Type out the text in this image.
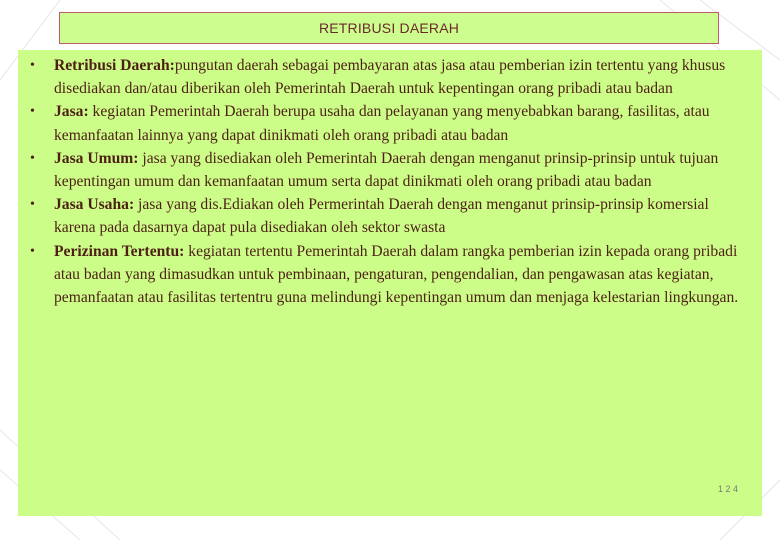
RETRIBUSI DAERAH
• Retribusi Daerah:pungutan daerah sebagai pembayaran atas jasa atau pemberian izin tertentu yang khusus disediakan dan/atau diberikan oleh Pemerintah Daerah untuk kepentingan orang pribadi atau badan
• Jasa: kegiatan Pemerintah Daerah berupa usaha dan pelayanan yang menyebabkan barang, fasilitas, atau kemanfaatan lainnya yang dapat dinikmati oleh orang pribadi atau badan
• Jasa Umum: jasa yang disediakan oleh Pemerintah Daerah dengan menganut prinsip-prinsip untuk tujuan kepentingan umum dan kemanfaatan umum serta dapat dinikmati oleh orang pribadi atau badan
• Jasa Usaha: jasa yang dis.Ediakan oleh Permerintah Daerah dengan menganut prinsip-prinsip komersial karena pada dasarnya dapat pula disediakan oleh sektor swasta
• Perizinan Tertentu: kegiatan tertentu Pemerintah Daerah dalam rangka pemberian izin kepada orang pribadi atau badan yang dimasudkan untuk pembinaan, pengaturan, pengendalian, dan pengawasan atas kegiatan, pemanfaatan atau fasilitas tertentru guna melindungi kepentingan umum dan menjaga kelestarian lingkungan.
1 2 4
